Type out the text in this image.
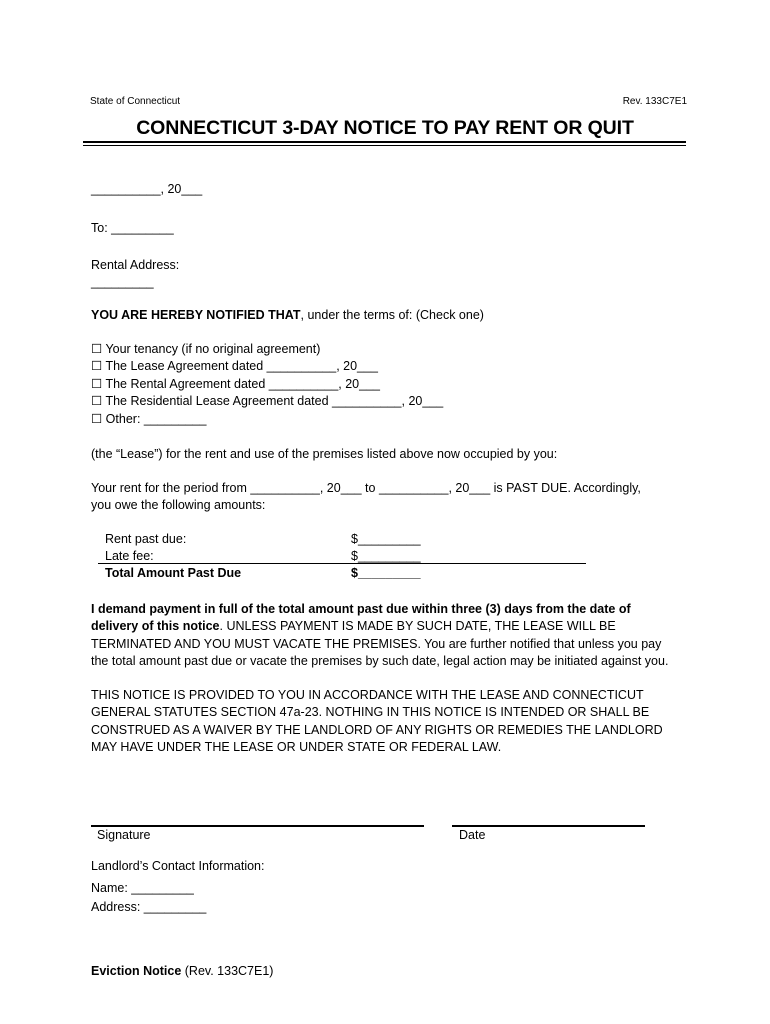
State of Connecticut	Rev. 133C7E1
CONNECTICUT 3-DAY NOTICE TO PAY RENT OR QUIT
__________, 20___
To: _________
Rental Address:
_________
YOU ARE HEREBY NOTIFIED THAT, under the terms of: (Check one)
☐ Your tenancy (if no original agreement)
☐ The Lease Agreement dated __________, 20___
☐ The Rental Agreement dated __________, 20___
☐ The Residential Lease Agreement dated __________, 20___
☐ Other: _________
(the “Lease”) for the rent and use of the premises listed above now occupied by you:
Your rent for the period from __________, 20___ to __________, 20___ is PAST DUE. Accordingly,
you owe the following amounts:
Rent past due:	$_________
Late fee:	$_________
Total Amount Past Due	$_________
I demand payment in full of the total amount past due within three (3) days from the date of delivery of this notice. UNLESS PAYMENT IS MADE BY SUCH DATE, THE LEASE WILL BE TERMINATED AND YOU MUST VACATE THE PREMISES. You are further notified that unless you pay the total amount past due or vacate the premises by such date, legal action may be initiated against you.
THIS NOTICE IS PROVIDED TO YOU IN ACCORDANCE WITH THE LEASE AND CONNECTICUT GENERAL STATUTES SECTION 47a-23. NOTHING IN THIS NOTICE IS INTENDED OR SHALL BE CONSTRUED AS A WAIVER BY THE LANDLORD OF ANY RIGHTS OR REMEDIES THE LANDLORD MAY HAVE UNDER THE LEASE OR UNDER STATE OR FEDERAL LAW.
Signature	Date
Landlord’s Contact Information:
Name: _________
Address: _________
Eviction Notice (Rev. 133C7E1)
